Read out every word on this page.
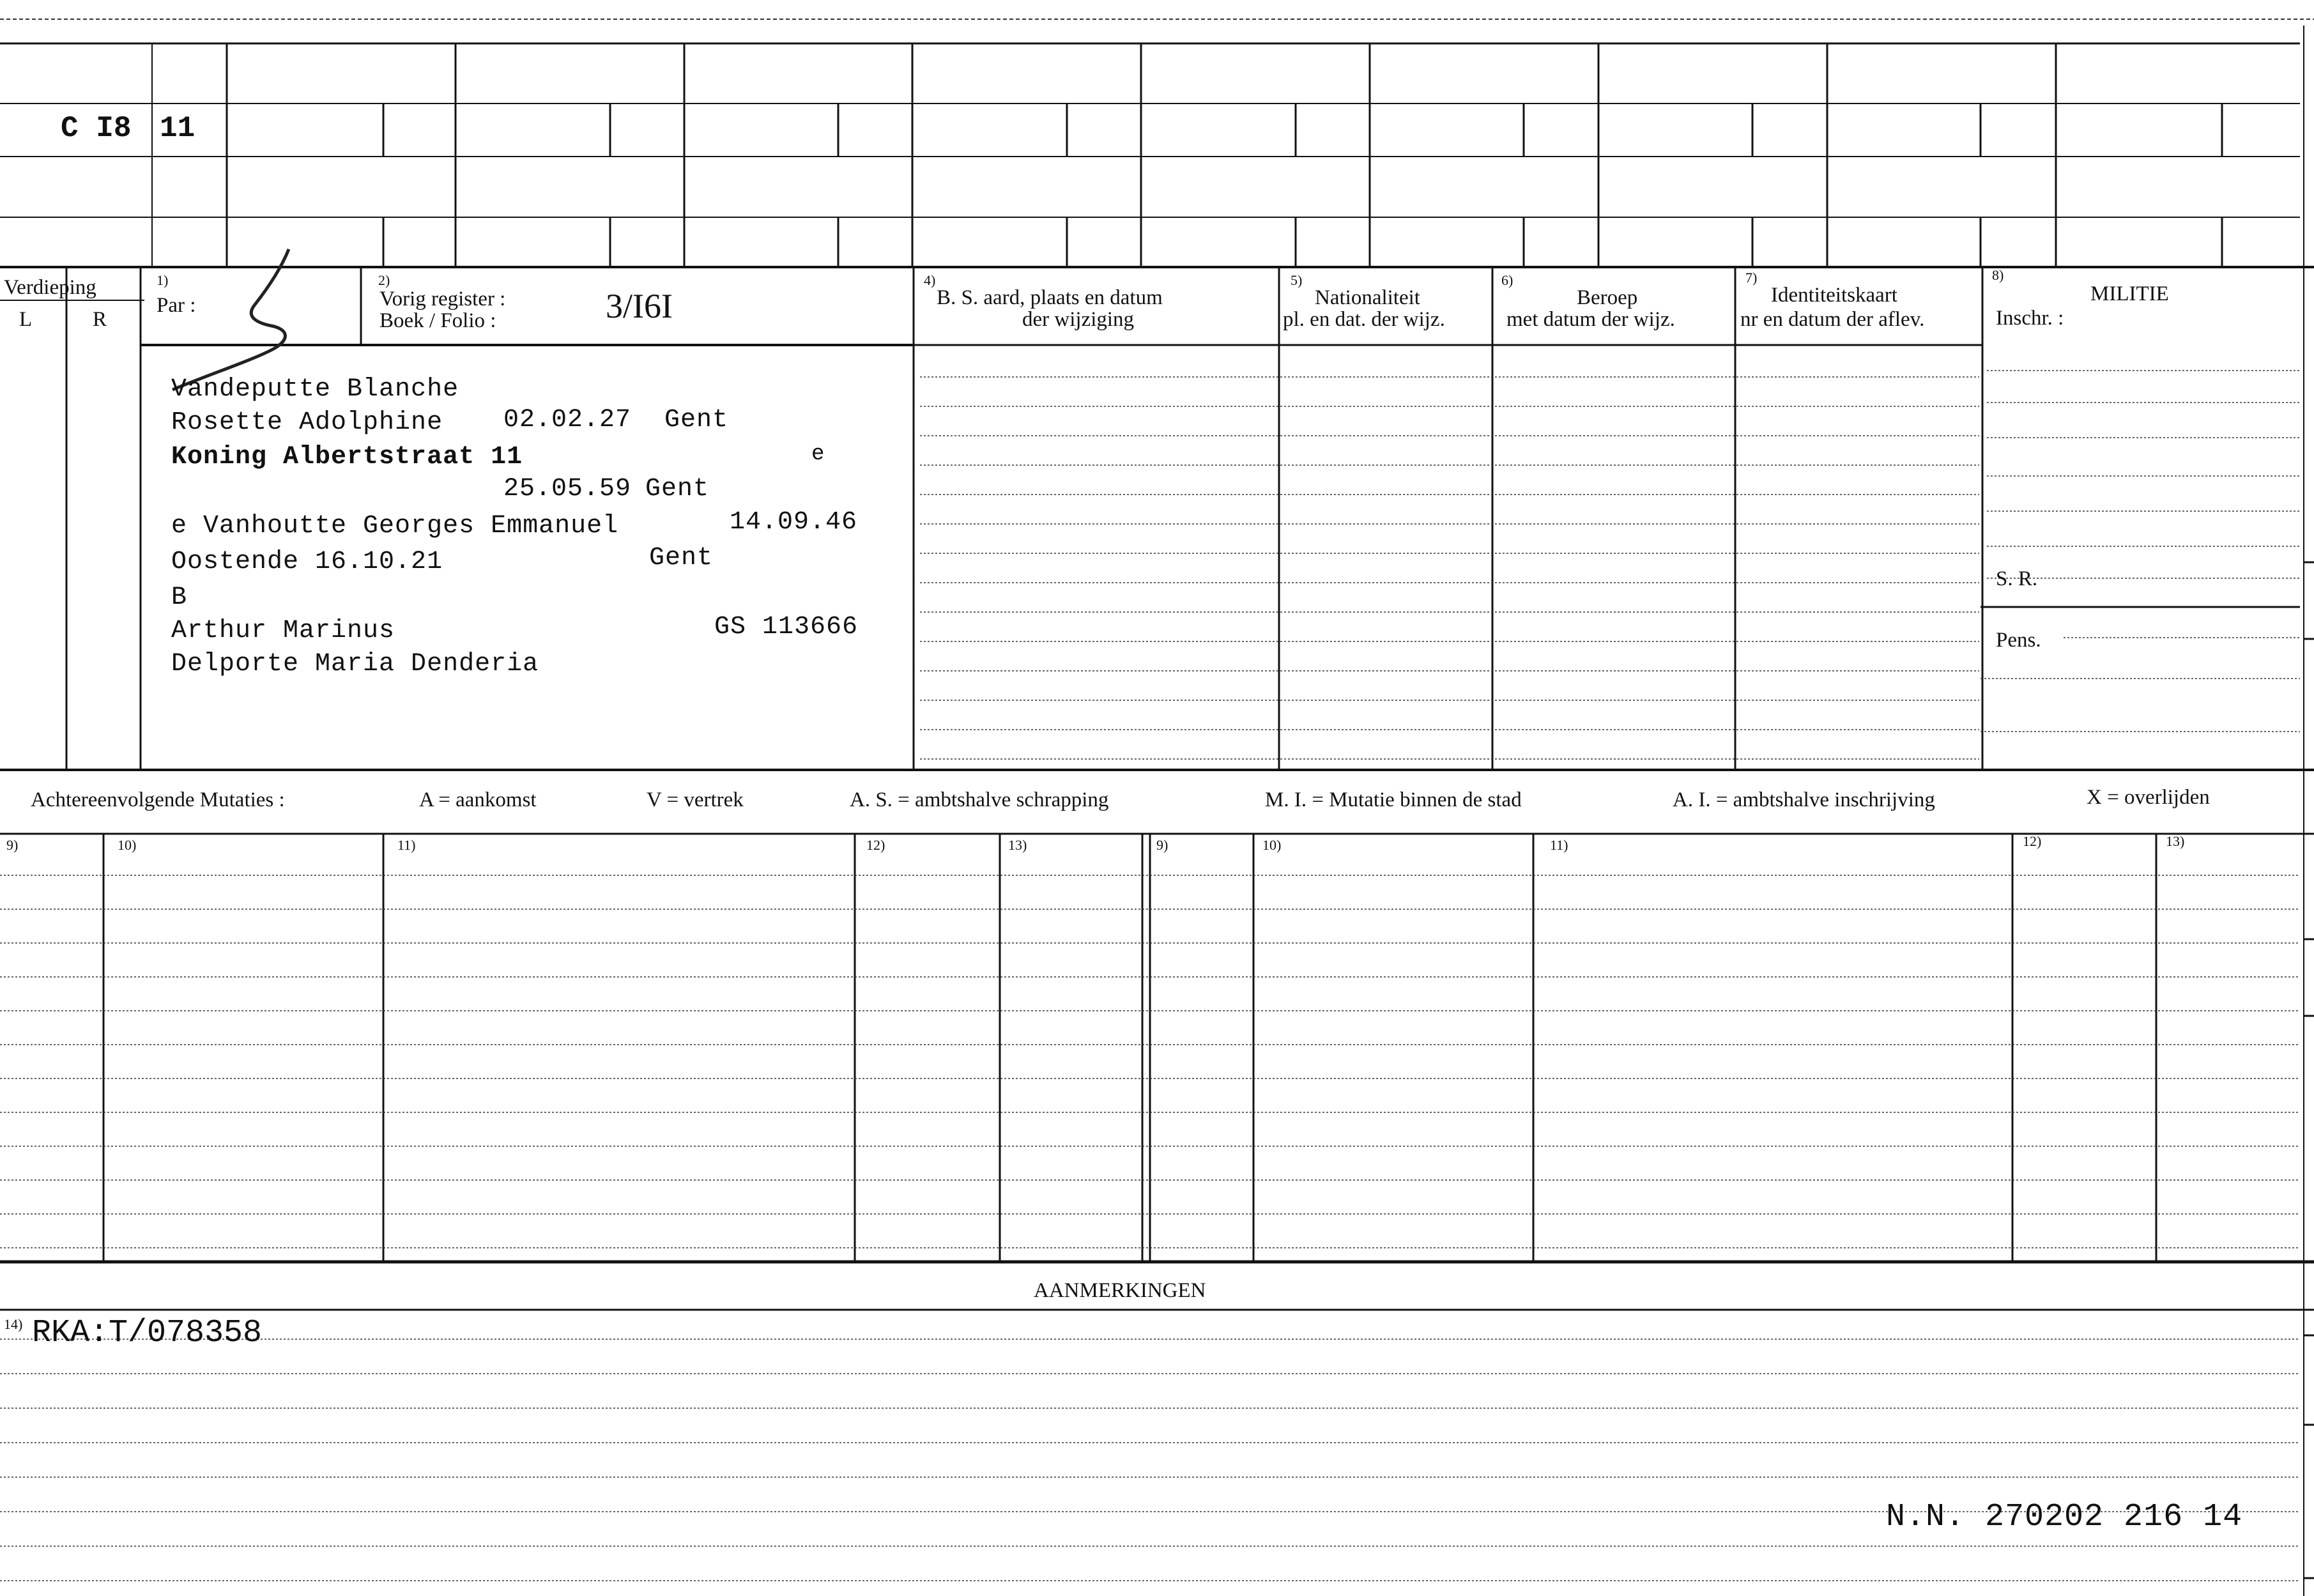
C I8 11
Verdieping
L	R
1)
Par :
2)
Vorig register :
Boek / Folio :	3/I6I
4)
B. S. aard, plaats en datum
der wijziging
5)
Nationaliteit
pl. en dat. der wijz.
6)
Beroep
met datum der wijz.
7)
Identiteitskaart
nr en datum der aflev.
8)
MILITIE
Inschr. :
S. R.
Pens.
Vandeputte Blanche
Rosette Adolphine 02.02.27 Gent
Koning Albertstraat 11	e
25.05.59 Gent
e Vanhoutte Georges Emmanuel	14.09.46
Oostende 16.10.21	Gent
B
Arthur Marinus	GS 113666
Delporte Maria Denderia
Achtereenvolgende Mutaties :	A = aankomst	V = vertrek	A. S. = ambtshalve schrapping	M. I. = Mutatie binnen de stad	A. I. = ambtshalve inschrijving	X = overlijden
9)	10)	11)	12)	13)	9)	10)	11)	12)	13)
AANMERKINGEN
14) RKA:T/078358
N.N. 270202 216 14
